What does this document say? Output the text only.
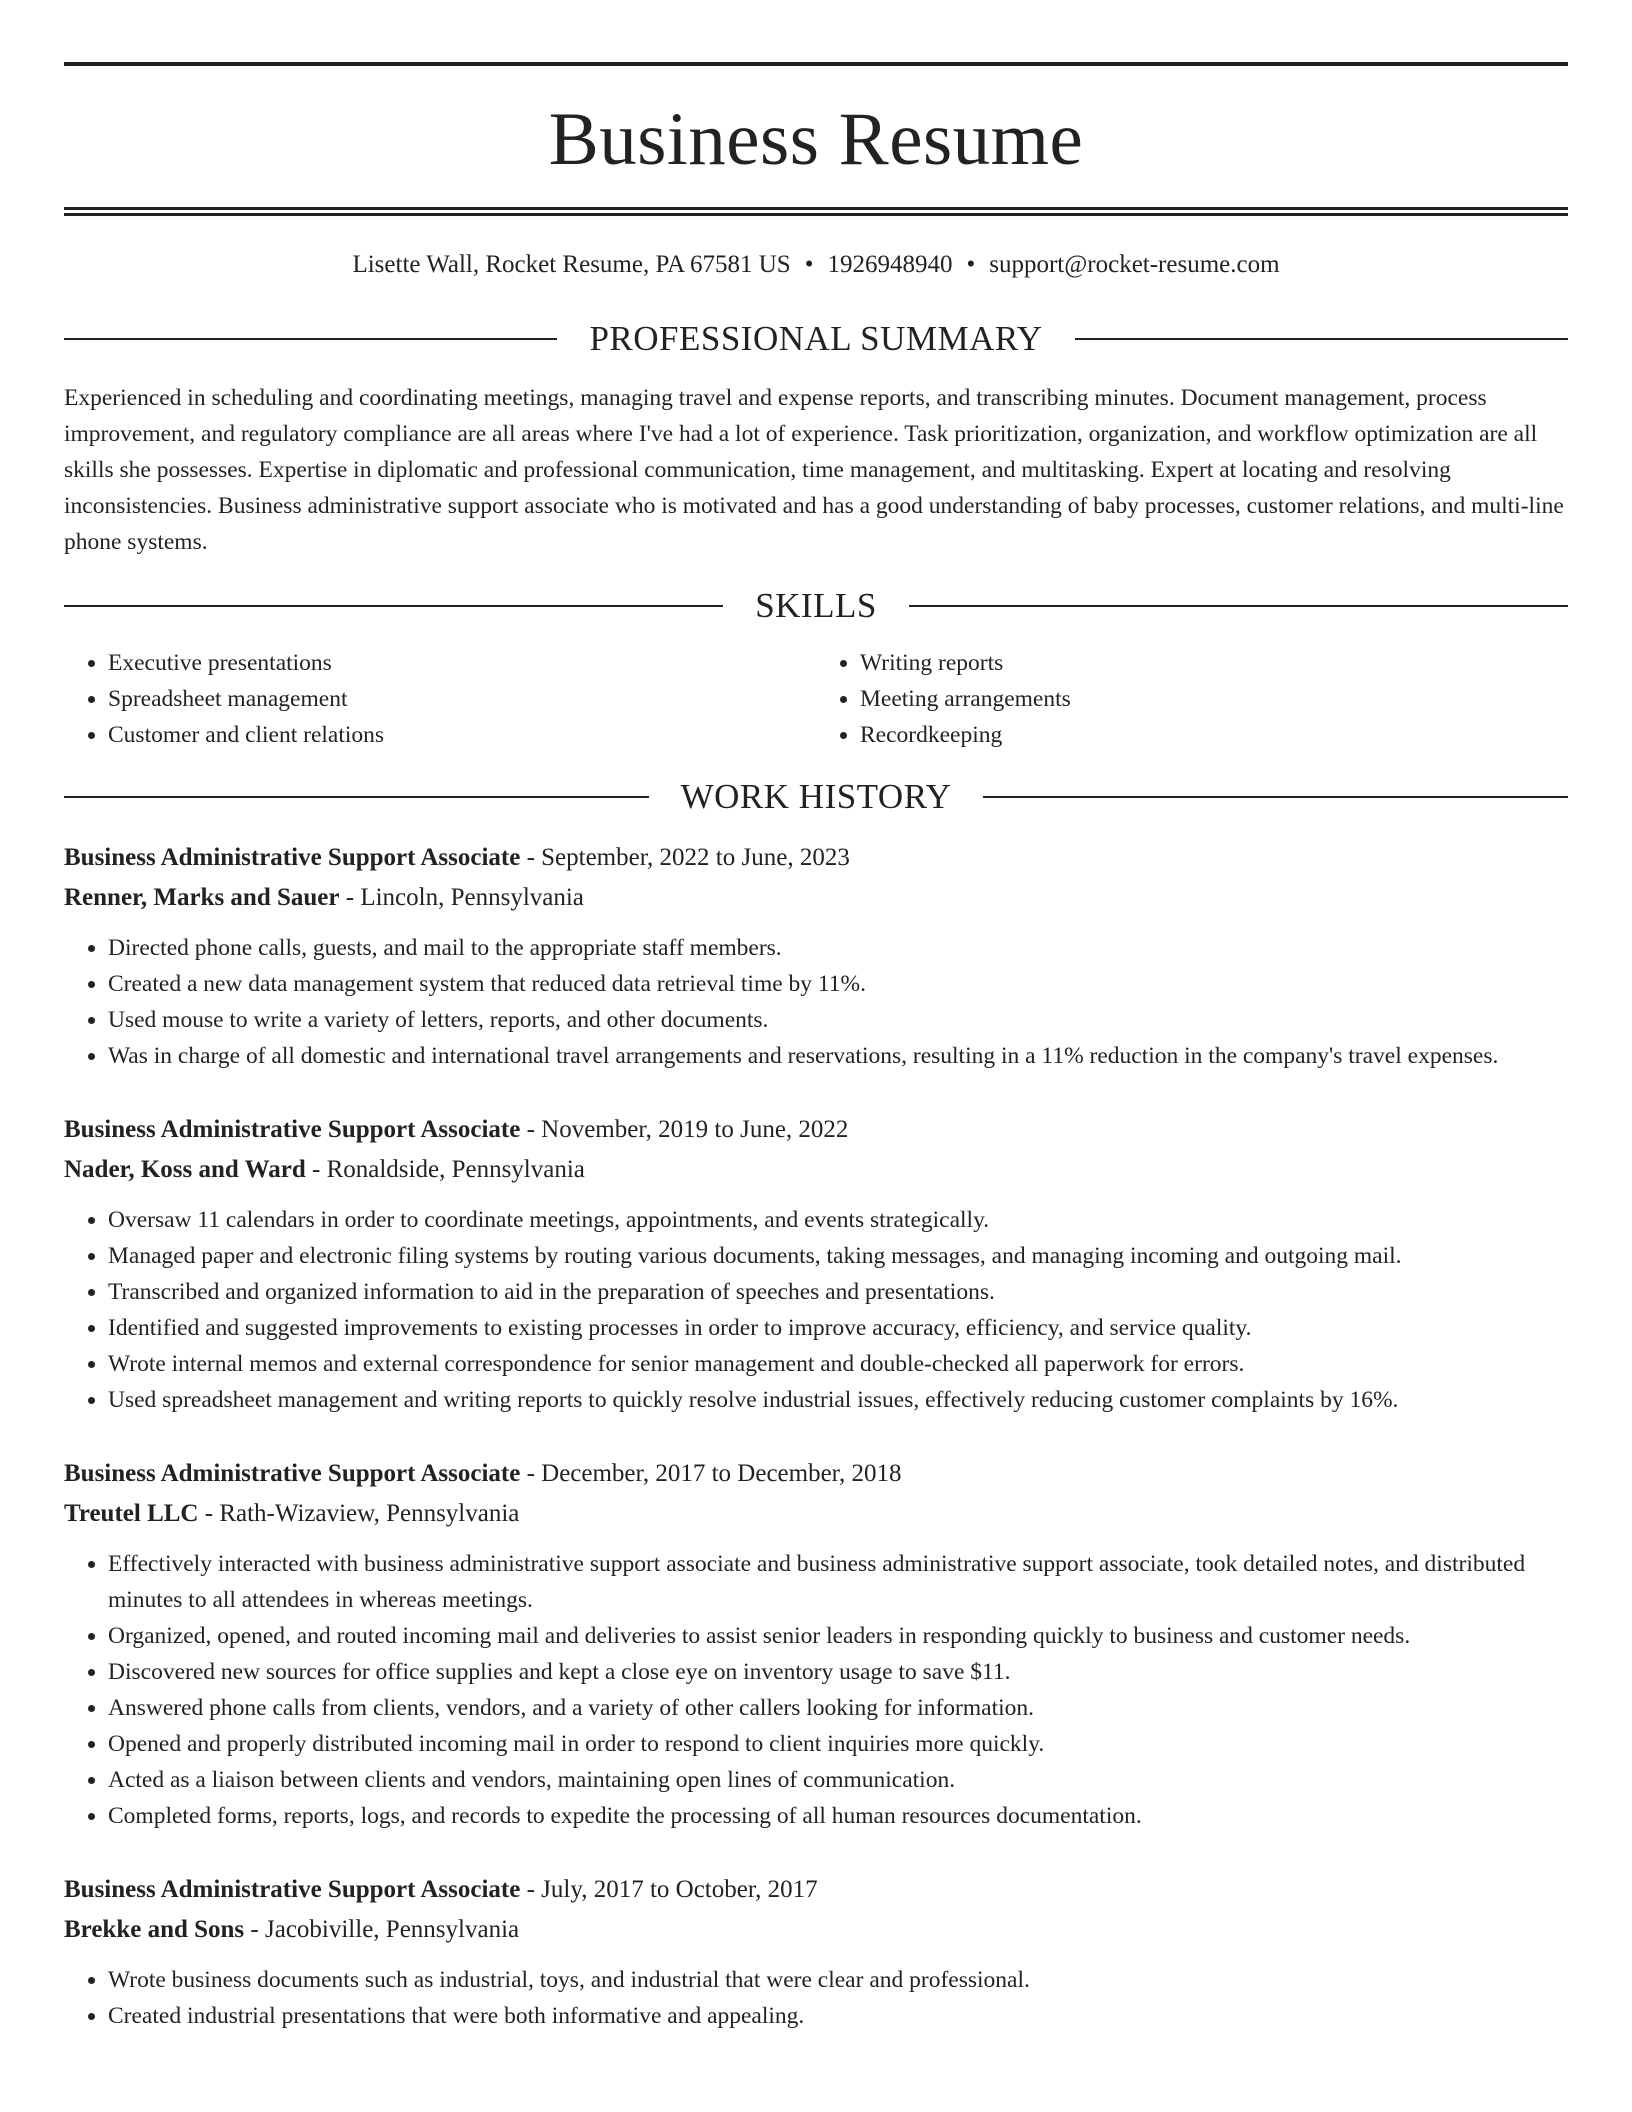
Business Resume
Lisette Wall, Rocket Resume, PA 67581 US • 1926948940 • support@rocket-resume.com
PROFESSIONAL SUMMARY
Experienced in scheduling and coordinating meetings, managing travel and expense reports, and transcribing minutes. Document management, process improvement, and regulatory compliance are all areas where I've had a lot of experience. Task prioritization, organization, and workflow optimization are all skills she possesses. Expertise in diplomatic and professional communication, time management, and multitasking. Expert at locating and resolving inconsistencies. Business administrative support associate who is motivated and has a good understanding of baby processes, customer relations, and multi-line phone systems.
SKILLS
• Executive presentations
• Spreadsheet management
• Customer and client relations
• Writing reports
• Meeting arrangements
• Recordkeeping
WORK HISTORY
Business Administrative Support Associate - September, 2022 to June, 2023
Renner, Marks and Sauer - Lincoln, Pennsylvania
• Directed phone calls, guests, and mail to the appropriate staff members.
• Created a new data management system that reduced data retrieval time by 11%.
• Used mouse to write a variety of letters, reports, and other documents.
• Was in charge of all domestic and international travel arrangements and reservations, resulting in a 11% reduction in the company's travel expenses.
Business Administrative Support Associate - November, 2019 to June, 2022
Nader, Koss and Ward - Ronaldside, Pennsylvania
• Oversaw 11 calendars in order to coordinate meetings, appointments, and events strategically.
• Managed paper and electronic filing systems by routing various documents, taking messages, and managing incoming and outgoing mail.
• Transcribed and organized information to aid in the preparation of speeches and presentations.
• Identified and suggested improvements to existing processes in order to improve accuracy, efficiency, and service quality.
• Wrote internal memos and external correspondence for senior management and double-checked all paperwork for errors.
• Used spreadsheet management and writing reports to quickly resolve industrial issues, effectively reducing customer complaints by 16%.
Business Administrative Support Associate - December, 2017 to December, 2018
Treutel LLC - Rath-Wizaview, Pennsylvania
• Effectively interacted with business administrative support associate and business administrative support associate, took detailed notes, and distributed minutes to all attendees in whereas meetings.
• Organized, opened, and routed incoming mail and deliveries to assist senior leaders in responding quickly to business and customer needs.
• Discovered new sources for office supplies and kept a close eye on inventory usage to save $11.
• Answered phone calls from clients, vendors, and a variety of other callers looking for information.
• Opened and properly distributed incoming mail in order to respond to client inquiries more quickly.
• Acted as a liaison between clients and vendors, maintaining open lines of communication.
• Completed forms, reports, logs, and records to expedite the processing of all human resources documentation.
Business Administrative Support Associate - July, 2017 to October, 2017
Brekke and Sons - Jacobiville, Pennsylvania
• Wrote business documents such as industrial, toys, and industrial that were clear and professional.
• Created industrial presentations that were both informative and appealing.
